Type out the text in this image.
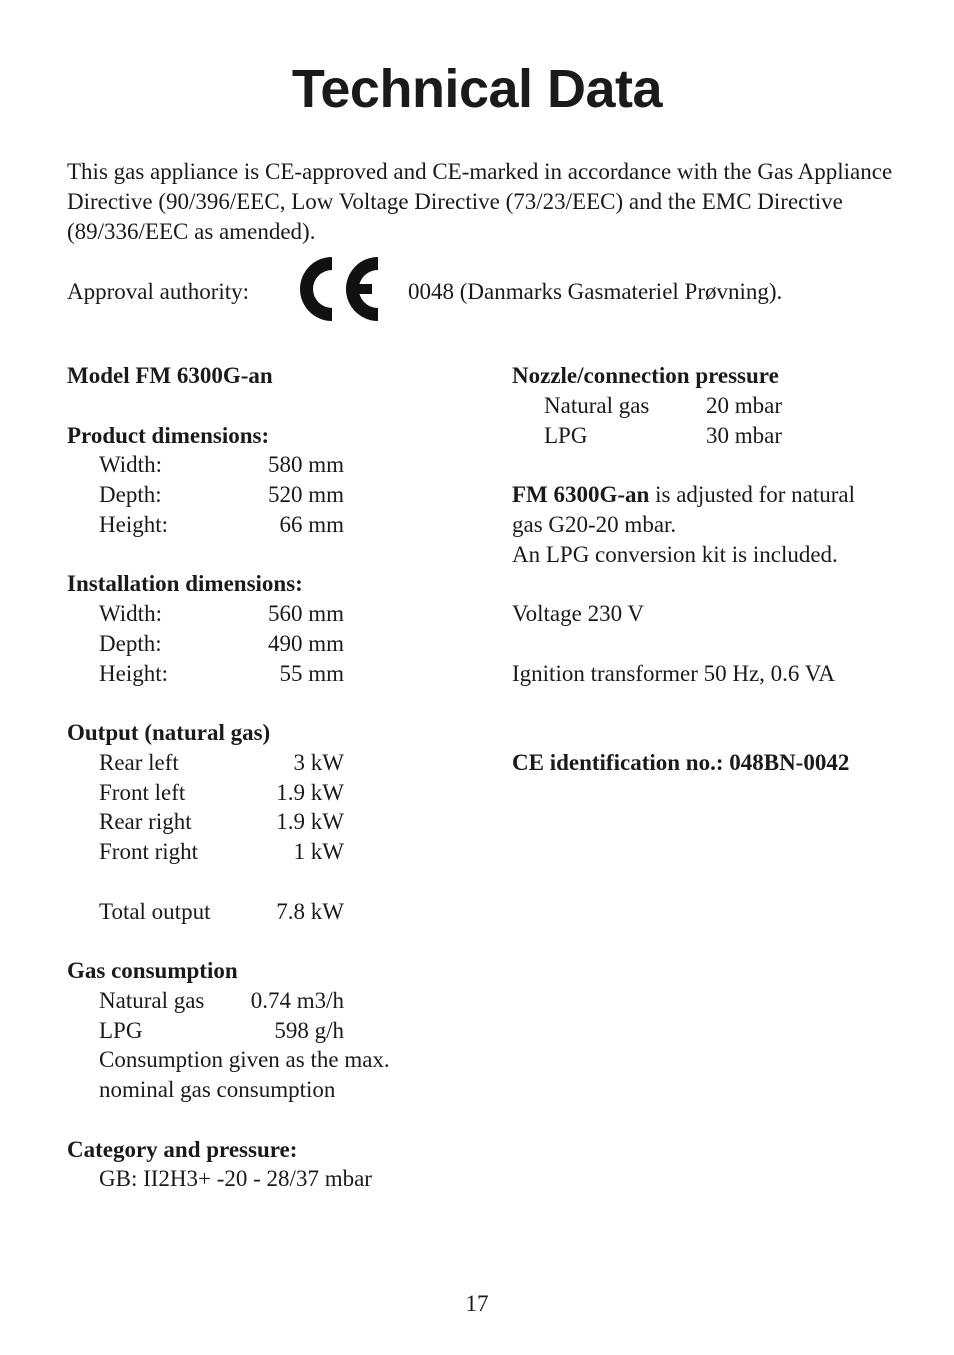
Technical Data

This gas appliance is CE-approved and CE-marked in accordance with the Gas Appliance Directive (90/396/EEC, Low Voltage Directive (73/23/EEC) and the EMC Directive (89/336/EEC as amended).

Approval authority:	0048 (Danmarks Gasmateriel Prøvning).
Model FM 6300G-an
Product dimensions:
Width:	580 mm
Depth:	520 mm
Height:	66 mm
Installation dimensions:
Width:	560 mm
Depth:	490 mm
Height:	55 mm
Output (natural gas)
Rear left	3 kW
Front left	1.9 kW
Rear right	1.9 kW
Front right	1 kW
Total output	7.8 kW
Gas consumption
Natural gas 0.74 m3/h
LPG	598 g/h
Consumption given as the max.
nominal gas consumption
Category and pressure:
GB: II2H3+ -20 - 28/37 mbar
Nozzle/connection pressure
Natural gas 20 mbar
LPG	30 mbar
FM 6300G-an is adjusted for natural
gas G20-20 mbar.
An LPG conversion kit is included.
Voltage 230 V
Ignition transformer 50 Hz, 0.6 VA
CE identification no.: 048BN-0042
17
